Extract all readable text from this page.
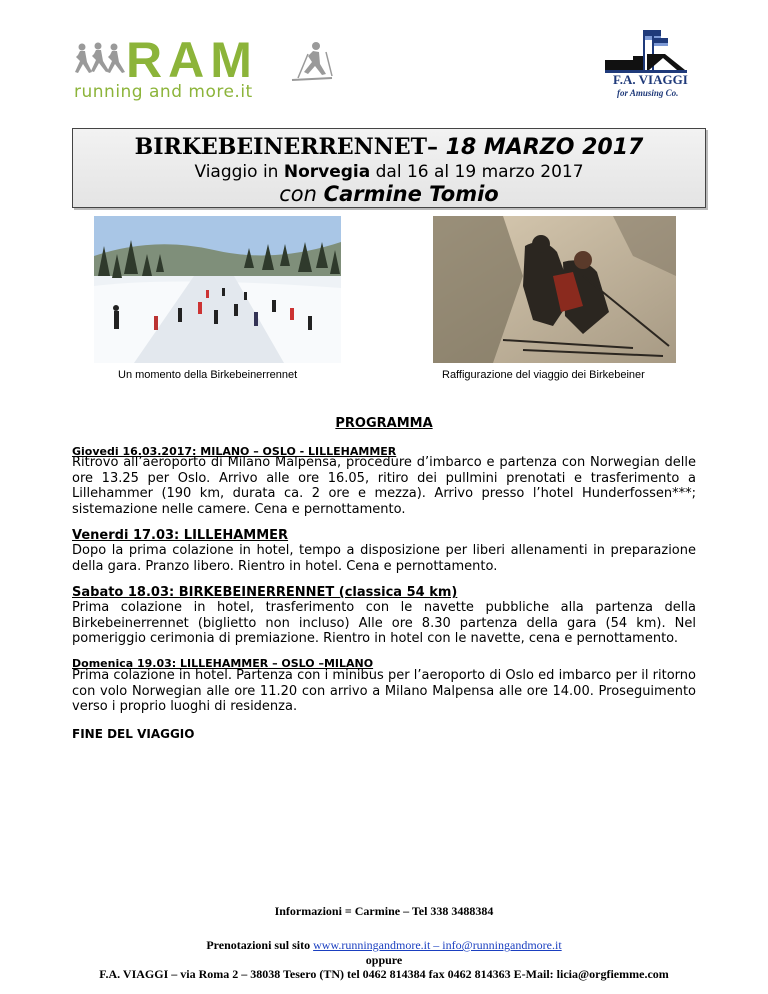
RAM
running and more.it
F.A. VIAGGI
for Amusing Co.
BIRKEBEINERRENNET– 18 MARZO 2017
Viaggio in Norvegia dal 16 al 19 marzo 2017
con Carmine Tomio
Un momento della Birkebeinerrennet	Raffigurazione del viaggio dei Birkebeiner
PROGRAMMA
Giovedi 16.03.2017: MILANO – OSLO - LILLEHAMMER
Ritrovo all’aeroporto di Milano Malpensa, procedure d’imbarco e partenza con Norwegian delle ore 13.25 per Oslo. Arrivo alle ore 16.05, ritiro dei pullmini prenotati e trasferimento a Lillehammer (190 km, durata ca. 2 ore e mezza). Arrivo presso l’hotel Hunderfossen***; sistemazione nelle camere. Cena e pernottamento.
Venerdi 17.03: LILLEHAMMER
Dopo la prima colazione in hotel, tempo a disposizione per liberi allenamenti in preparazione della gara. Pranzo libero. Rientro in hotel. Cena e pernottamento.
Sabato 18.03: BIRKEBEINERRENNET (classica 54 km)
Prima colazione in hotel, trasferimento con le navette pubbliche alla partenza della Birkebeinerrennet (biglietto non incluso) Alle ore 8.30 partenza della gara (54 km). Nel pomeriggio cerimonia di premiazione. Rientro in hotel con le navette, cena e pernottamento.
Domenica 19.03: LILLEHAMMER – OSLO –MILANO
Prima colazione in hotel. Partenza con i minibus per l’aeroporto di Oslo ed imbarco per il ritorno con volo Norwegian alle ore 11.20 con arrivo a Milano Malpensa alle ore 14.00. Proseguimento verso i proprio luoghi di residenza.
FINE DEL VIAGGIO
Informazioni = Carmine – Tel 338 3488384
Prenotazioni sul sito www.runningandmore.it – info@runningandmore.it
oppure
F.A. VIAGGI – via Roma 2 – 38038 Tesero (TN) tel 0462 814384 fax 0462 814363 E-Mail: licia@orgfiemme.com
